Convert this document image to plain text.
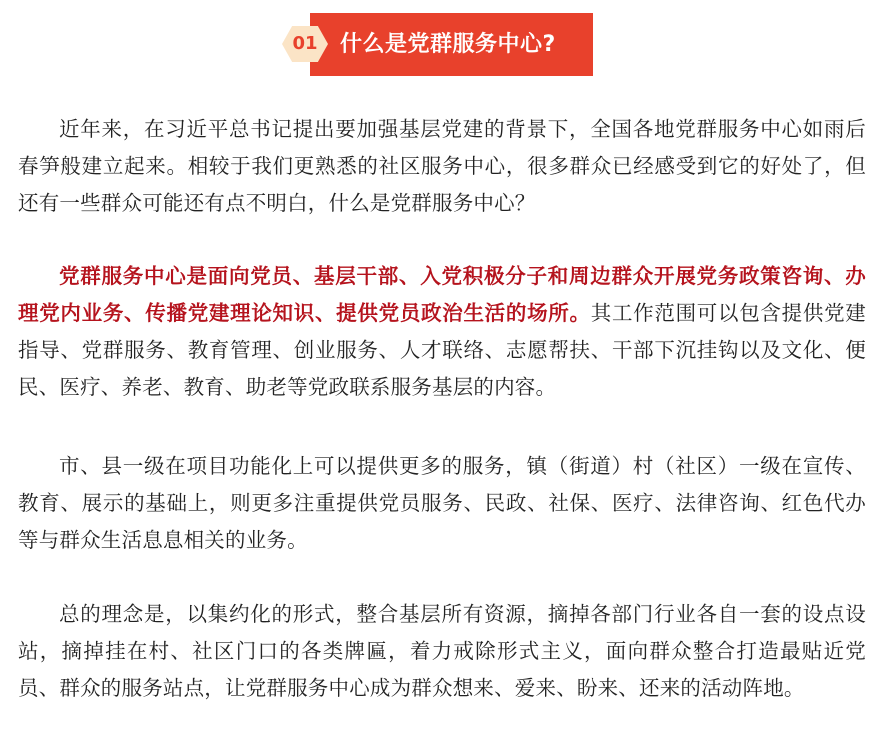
01	什么是党群服务中心?

近年来，在习近平总书记提出要加强基层党建的背景下，全国各地党群服务中心如雨后春笋般建立起来。相较于我们更熟悉的社区服务中心，很多群众已经感受到它的好处了，但还有一些群众可能还有点不明白，什么是党群服务中心？

党群服务中心是面向党员、基层干部、入党积极分子和周边群众开展党务政策咨询、办理党内业务、传播党建理论知识、提供党员政治生活的场所。其工作范围可以包含提供党建指导、党群服务、教育管理、创业服务、人才联络、志愿帮扶、干部下沉挂钩以及文化、便民、医疗、养老、教育、助老等党政联系服务基层的内容。

市、县一级在项目功能化上可以提供更多的服务，镇（街道）村（社区）一级在宣传、教育、展示的基础上，则更多注重提供党员服务、民政、社保、医疗、法律咨询、红色代办等与群众生活息息相关的业务。

总的理念是，以集约化的形式，整合基层所有资源，摘掉各部门行业各自一套的设点设站，摘掉挂在村、社区门口的各类牌匾，着力戒除形式主义，面向群众整合打造最贴近党员、群众的服务站点，让党群服务中心成为群众想来、爱来、盼来、还来的活动阵地。
